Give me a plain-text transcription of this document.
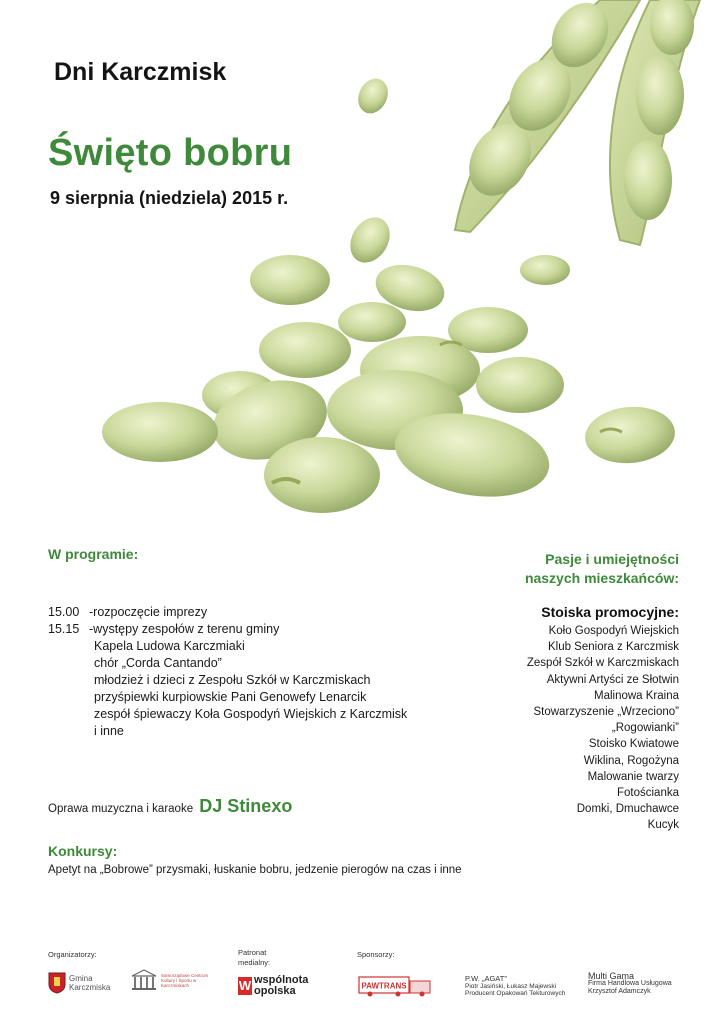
Dni Karczmisk
Święto bobru
9 sierpnia (niedziela) 2015 r.
W programie:
15.00 -rozpoczęcie imprezy
15.15 -występy zespołów z terenu gminy
Kapela Ludowa Karczmiaki
chór „Corda Cantando”
młodzież i dzieci z Zespołu Szkół w Karczmiskach
przyśpiewki kurpiowskie Pani Genowefy Lenarcik
zespół śpiewaczy Koła Gospodyń Wiejskich z Karczmisk
i inne
Oprawa muzyczna i karaoke DJ Stinexo
Konkursy:
Apetyt na „Bobrowe” przysmaki, łuskanie bobru, jedzenie pierogów na czas i inne
Pasje i umiejętności
naszych mieszkańców:
Stoiska promocyjne:
Koło Gospodyń Wiejskich
Klub Seniora z Karczmisk
Zespół Szkół w Karczmiskach
Aktywni Artyści ze Słotwin
Malinowa Kraina
Stowarzyszenie „Wrzeciono”
„Rogowianki”
Stoisko Kwiatowe
Wiklina, Rogożyna
Malowanie twarzy
Fotościanka
Domki, Dmuchawce
Kucyk
Organizatorzy:	Patronat
medialny:
Sponsorzy:
Gmina
Karczmiska
Samorządowe Centrum Kultury i Sportu w Karczmiskach	W wspólnota
opolska	PAWTRANS
P.W. „AGAT”
Piotr Jasiński, Łukasz Majewski
Producent Opakowań Tekturowych
Multi Gama
Firma Handlowa Usługowa
Krzysztof Adamczyk
